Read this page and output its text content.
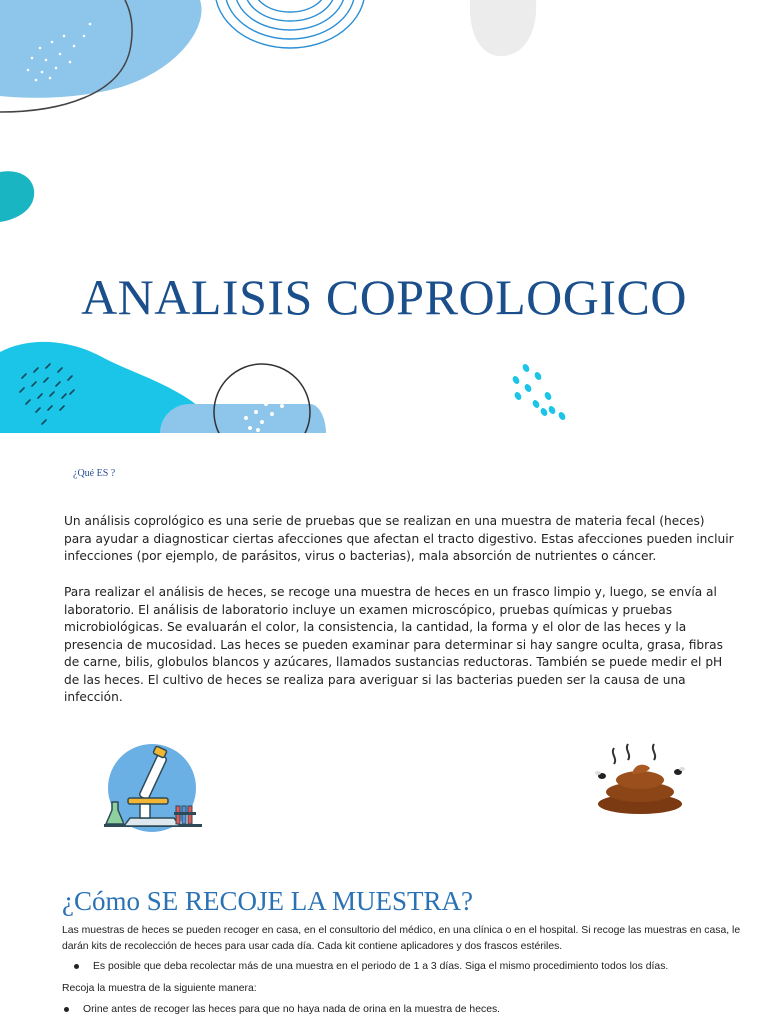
ANALISIS COPROLOGICO

¿Qué ES ?

Un análisis coprológico es una serie de pruebas que se realizan en una muestra de materia fecal (heces) para ayudar a diagnosticar ciertas afecciones que afectan el tracto digestivo. Estas afecciones pueden incluir infecciones (por ejemplo, de parásitos, virus o bacterias), mala absorción de nutrientes o cáncer.

Para realizar el análisis de heces, se recoge una muestra de heces en un frasco limpio y, luego, se envía al laboratorio. El análisis de laboratorio incluye un examen microscópico, pruebas químicas y pruebas microbiológicas. Se evaluarán el color, la consistencia, la cantidad, la forma y el olor de las heces y la presencia de mucosidad. Las heces se pueden examinar para determinar si hay sangre oculta, grasa, fibras de carne, bilis, globulos blancos y azúcares, llamados sustancias reductoras. También se puede medir el pH de las heces. El cultivo de heces se realiza para averiguar si las bacterias pueden ser la causa de una infección.

¿Cómo SE RECOJE LA MUESTRA?

Las muestras de heces se pueden recoger en casa, en el consultorio del médico, en una clínica o en el hospital. Si recoge las muestras en casa, le darán kits de recolección de heces para usar cada día. Cada kit contiene aplicadores y dos frascos estériles.

Es posible que deba recolectar más de una muestra en el periodo de 1 a 3 días. Siga el mismo procedimiento todos los días.

Recoja la muestra de la siguiente manera:

Orine antes de recoger las heces para que no haya nada de orina en la muestra de heces.
